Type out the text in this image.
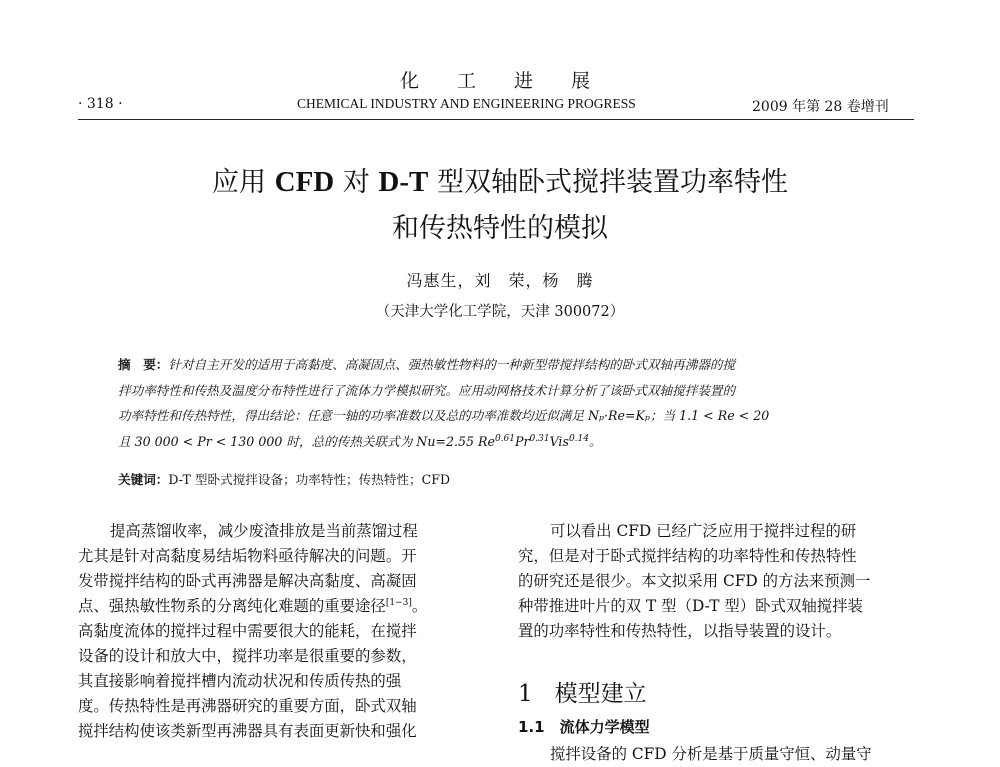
化工进展
· 318 ·	CHEMICAL INDUSTRY AND ENGINEERING PROGRESS	2009 年第 28 卷增刊
应用 CFD 对 D-T 型双轴卧式搅拌装置功率特性
和传热特性的模拟
冯惠生，刘　荣，杨　腾
（天津大学化工学院，天津 300072）
摘　要：针对自主开发的适用于高黏度、高凝固点、强热敏性物料的一种新型带搅拌结构的卧式双轴再沸器的搅
拌功率特性和传热及温度分布特性进行了流体力学模拟研究。应用动网格技术计算分析了该卧式双轴搅拌装置的
功率特性和传热特性，得出结论：任意一轴的功率准数以及总的功率准数均近似满足 Nₚ·Re=Kₚ；当 1.1 < Re < 20
且 30 000 < Pr < 130 000 时，总的传热关联式为 Nu=2.55 $Re^{0.61}Pr^{0.31}Vis^{0.14}$。
关键词：D-T 型卧式搅拌设备；功率特性；传热特性；CFD
提高蒸馏收率，减少废渣排放是当前蒸馏过程
尤其是针对高黏度易结垢物料亟待解决的问题。开
发带搅拌结构的卧式再沸器是解决高黏度、高凝固
点、强热敏性物系的分离纯化难题的重要途径[1−3]。
高黏度流体的搅拌过程中需要很大的能耗，在搅拌
设备的设计和放大中，搅拌功率是很重要的参数，
其直接影响着搅拌槽内流动状况和传质传热的强
度。传热特性是再沸器研究的重要方面，卧式双轴
搅拌结构使该类新型再沸器具有表面更新快和强化
可以看出 CFD 已经广泛应用于搅拌过程的研
究，但是对于卧式搅拌结构的功率特性和传热特性
的研究还是很少。本文拟采用 CFD 的方法来预测一
种带推进叶片的双 T 型（D-T 型）卧式双轴搅拌装
置的功率特性和传热特性，以指导装置的设计。
1 模型建立
1.1　流体力学模型
搅拌设备的 CFD 分析是基于质量守恒、动量守
